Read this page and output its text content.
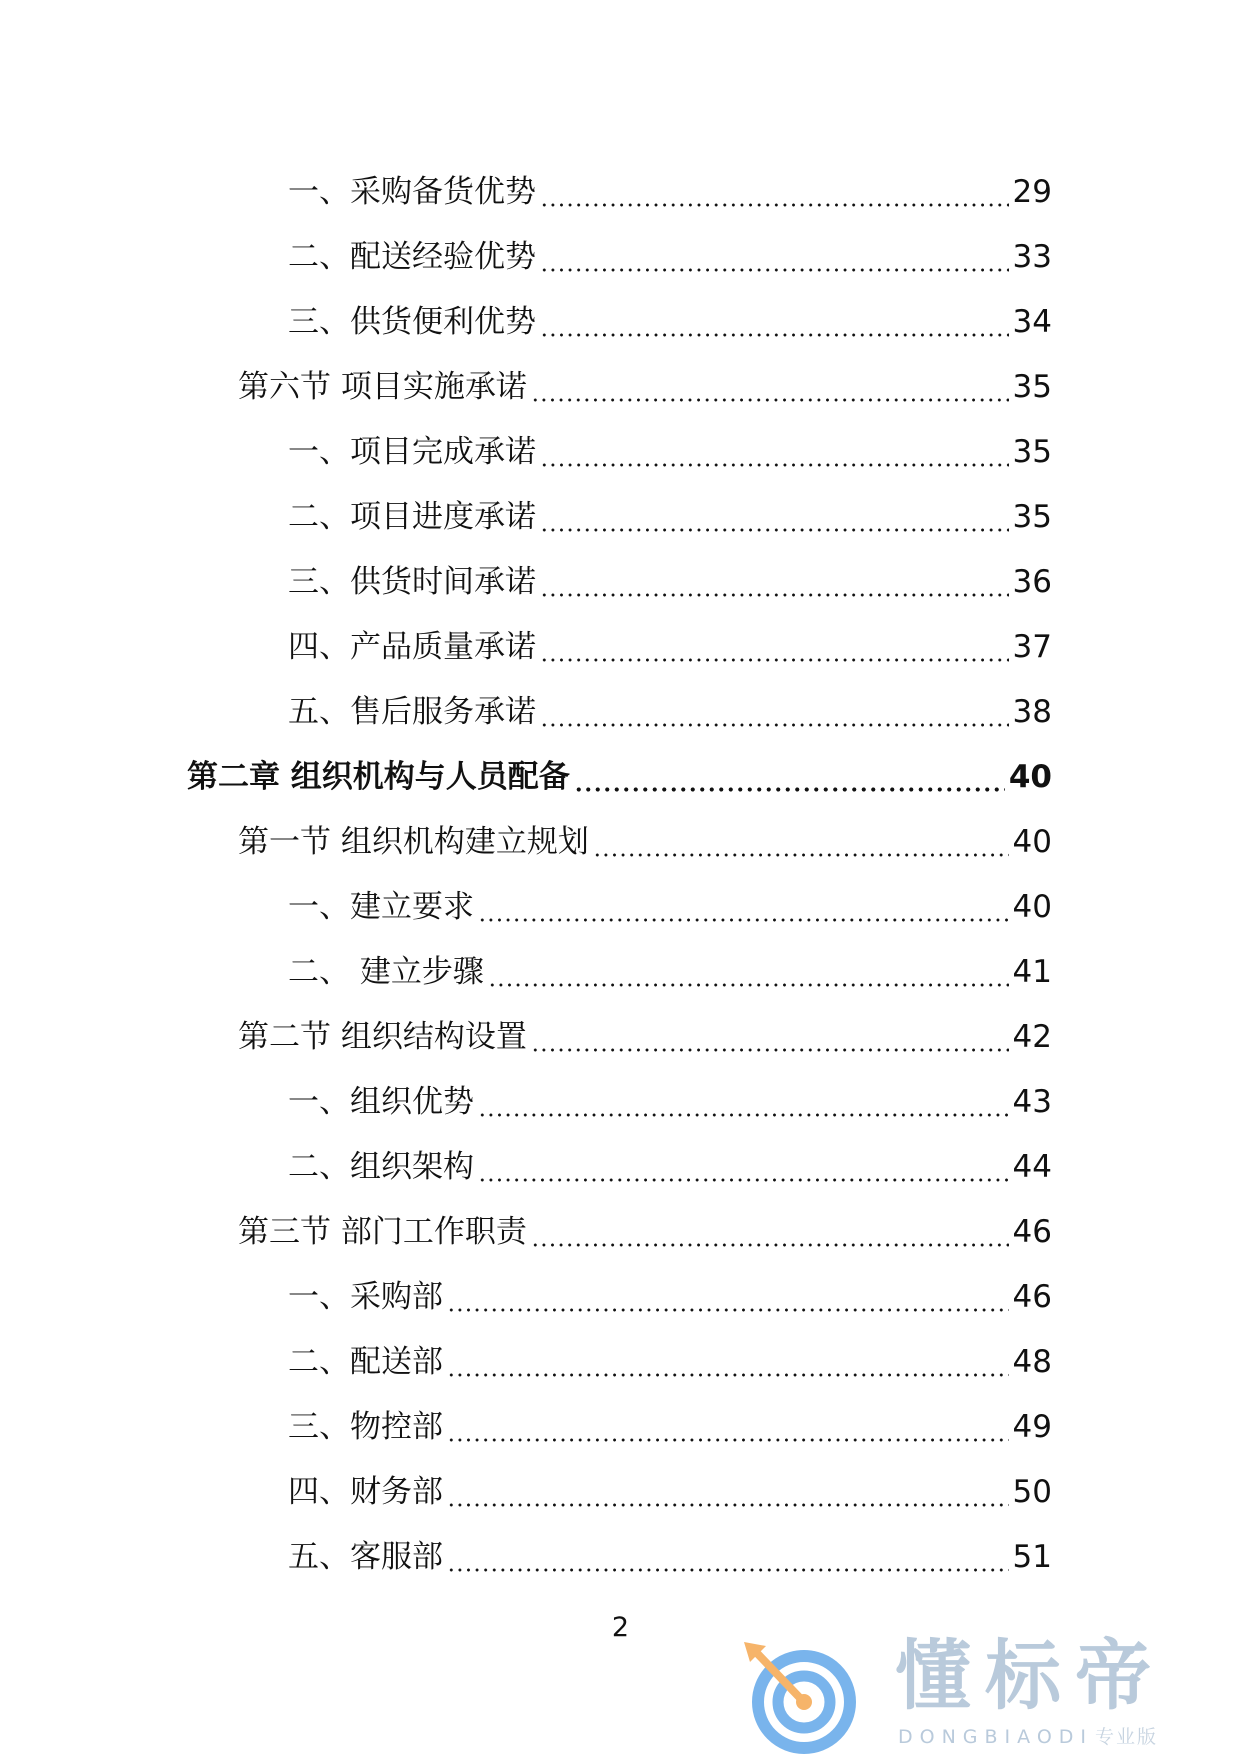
一、采购备货优势	29
二、配送经验优势	33
三、供货便利优势	34
第六节 项目实施承诺	35
一、项目完成承诺	35
二、项目进度承诺	35
三、供货时间承诺	36
四、产品质量承诺	37
五、售后服务承诺	38
第二章 组织机构与人员配备	40
第一节 组织机构建立规划	40
一、建立要求	40
二、 建立步骤	41
第二节 组织结构设置	42
一、组织优势	43
二、组织架构	44
第三节 部门工作职责	46
一、采购部	46
二、配送部	48
三、物控部	49
四、财务部	50
五、客服部	51
2
懂标帝
DONGBIAODI 专业版
